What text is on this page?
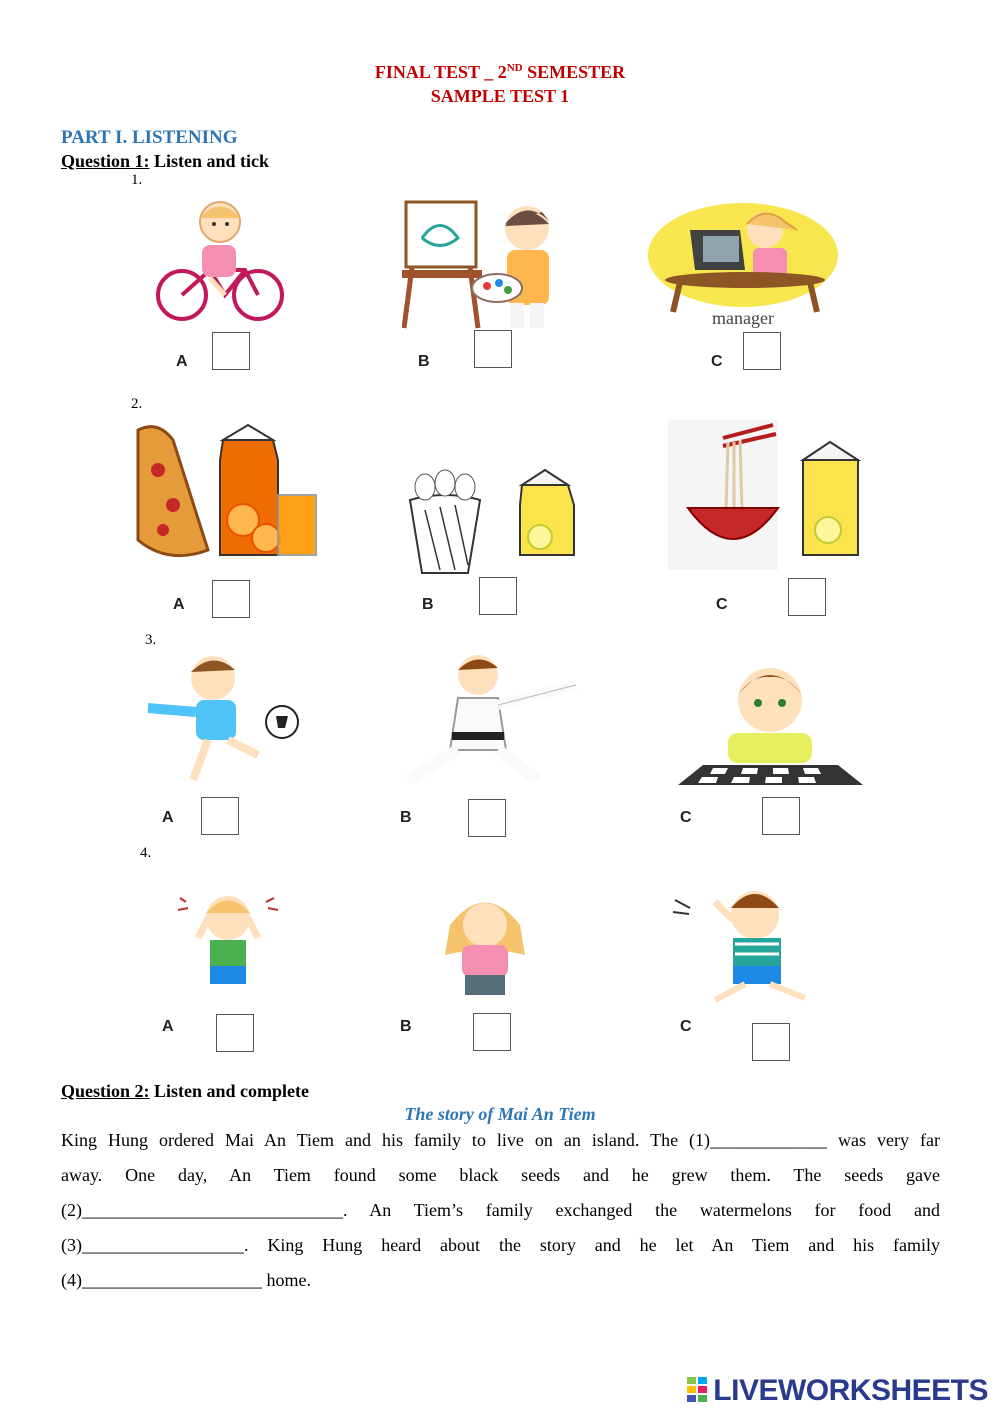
FINAL TEST _ 2ND SEMESTER
SAMPLE TEST 1
PART I. LISTENING
Question 1: Listen and tick
1.
2.
3.
4.
manager
A	B	C
A	B	C
A	B	C
A	B	C
Question 2: Listen and complete
The story of Mai An Tiem
King Hung ordered Mai An Tiem and his family to live on an island. The (1)_____________ was very far
away. One day, An Tiem found some black seeds and he grew them. The seeds gave
(2)_____________________________. An Tiem’s family exchanged the watermelons for food and
(3)__________________. King Hung heard about the story and he let An Tiem and his family
(4)____________________ home.
LIVEWORKSHEETS
